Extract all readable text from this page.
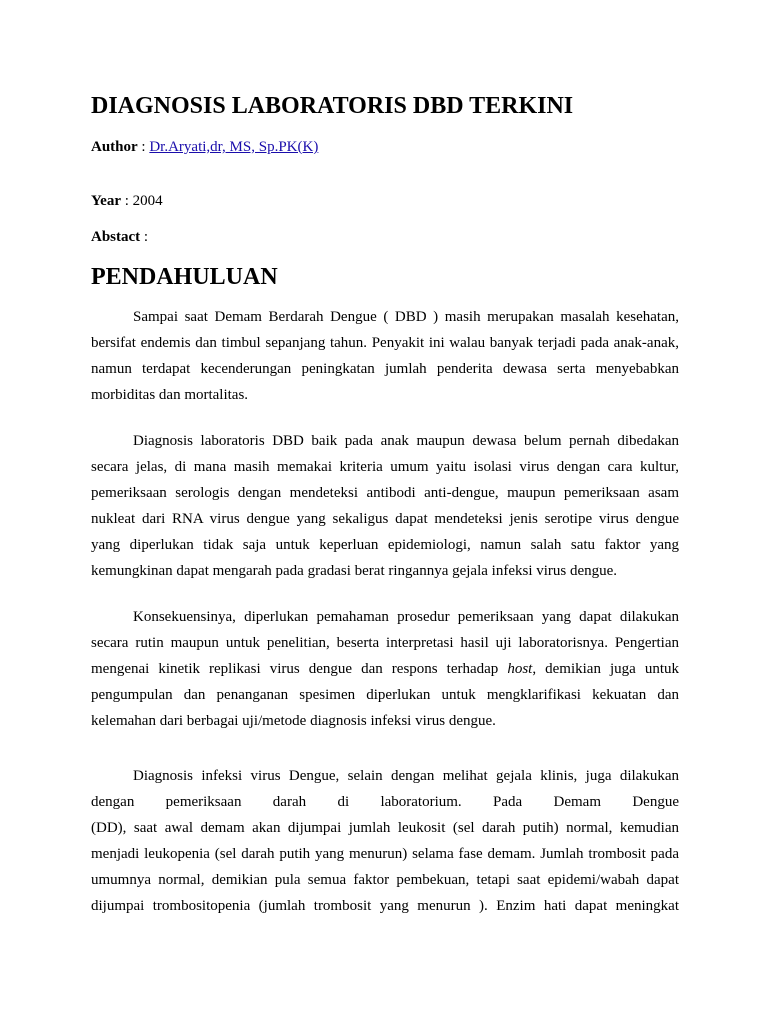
DIAGNOSIS LABORATORIS DBD TERKINI
Author : Dr.Aryati,dr, MS, Sp.PK(K)
Year : 2004
Abstact :
PENDAHULUAN
Sampai saat Demam Berdarah Dengue ( DBD ) masih merupakan masalah kesehatan,
bersifat endemis dan timbul sepanjang tahun. Penyakit ini walau banyak terjadi pada anak-anak,
namun terdapat kecenderungan peningkatan jumlah penderita dewasa serta menyebabkan
morbiditas dan mortalitas.
Diagnosis laboratoris DBD baik pada anak maupun dewasa belum pernah dibedakan
secara jelas, di mana masih memakai kriteria umum yaitu isolasi virus dengan cara kultur,
pemeriksaan serologis dengan mendeteksi antibodi anti-dengue, maupun pemeriksaan asam
nukleat dari RNA virus dengue yang sekaligus dapat mendeteksi jenis serotipe virus dengue
yang diperlukan tidak saja untuk keperluan epidemiologi, namun salah satu faktor yang
kemungkinan dapat mengarah pada gradasi berat ringannya gejala infeksi virus dengue.
Konsekuensinya, diperlukan pemahaman prosedur pemeriksaan yang dapat dilakukan
secara rutin maupun untuk penelitian, beserta interpretasi hasil uji laboratorisnya. Pengertian
mengenai kinetik replikasi virus dengue dan respons terhadap host, demikian juga untuk
pengumpulan dan penanganan spesimen diperlukan untuk mengklarifikasi kekuatan dan
kelemahan dari berbagai uji/metode diagnosis infeksi virus dengue.
Diagnosis infeksi virus Dengue, selain dengan melihat gejala klinis, juga dilakukan
dengan pemeriksaan darah di laboratorium. Pada Demam Dengue
(DD), saat awal demam akan dijumpai jumlah leukosit (sel darah putih) normal, kemudian
menjadi leukopenia (sel darah putih yang menurun) selama fase demam. Jumlah trombosit pada
umumnya normal, demikian pula semua faktor pembekuan, tetapi saat epidemi/wabah dapat
dijumpai trombositopenia (jumlah trombosit yang menurun ). Enzim hati dapat meningkat
